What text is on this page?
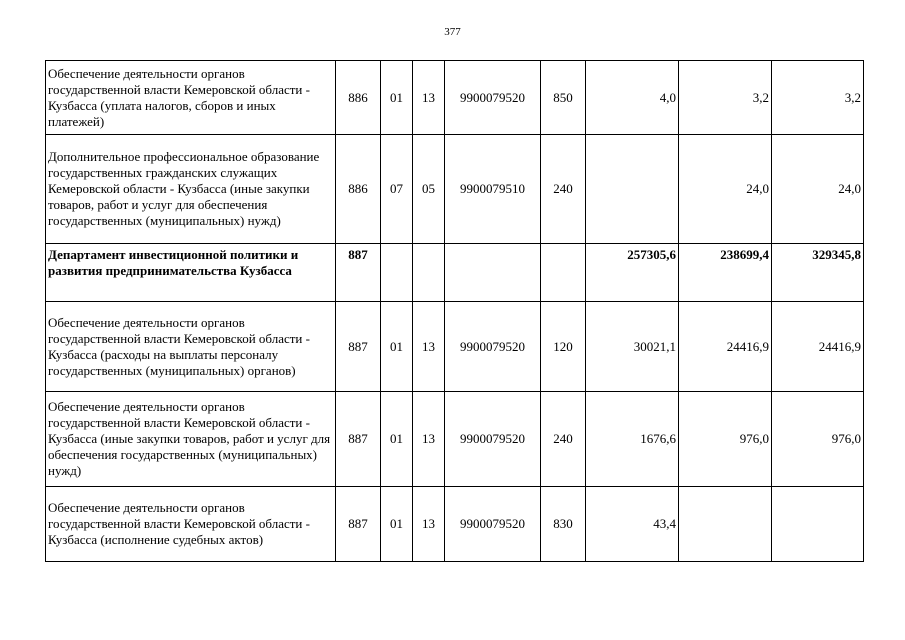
377
Обеспечение деятельности органов государственной власти Кемеровской области - Кузбасса (уплата налогов, сборов и иных платежей)	886	01	13	9900079520	850	4,0	3,2	3,2
Дополнительное профессиональное образование государственных гражданских служащих Кемеровской области - Кузбасса (иные закупки товаров, работ и услуг для обеспечения государственных (муниципальных) нужд)	886	07	05	9900079510	240		24,0	24,0
Департамент инвестиционной политики и развития предпринимательства Кузбасса	887					257305,6	238699,4	329345,8
Обеспечение деятельности органов государственной власти Кемеровской области - Кузбасса (расходы на выплаты персоналу государственных (муниципальных) органов)	887	01	13	9900079520	120	30021,1	24416,9	24416,9
Обеспечение деятельности органов государственной власти Кемеровской области - Кузбасса (иные закупки товаров, работ и услуг для обеспечения государственных (муниципальных) нужд)	887	01	13	9900079520	240	1676,6	976,0	976,0
Обеспечение деятельности органов государственной власти Кемеровской области - Кузбасса (исполнение судебных актов)	887	01	13	9900079520	830	43,4		
